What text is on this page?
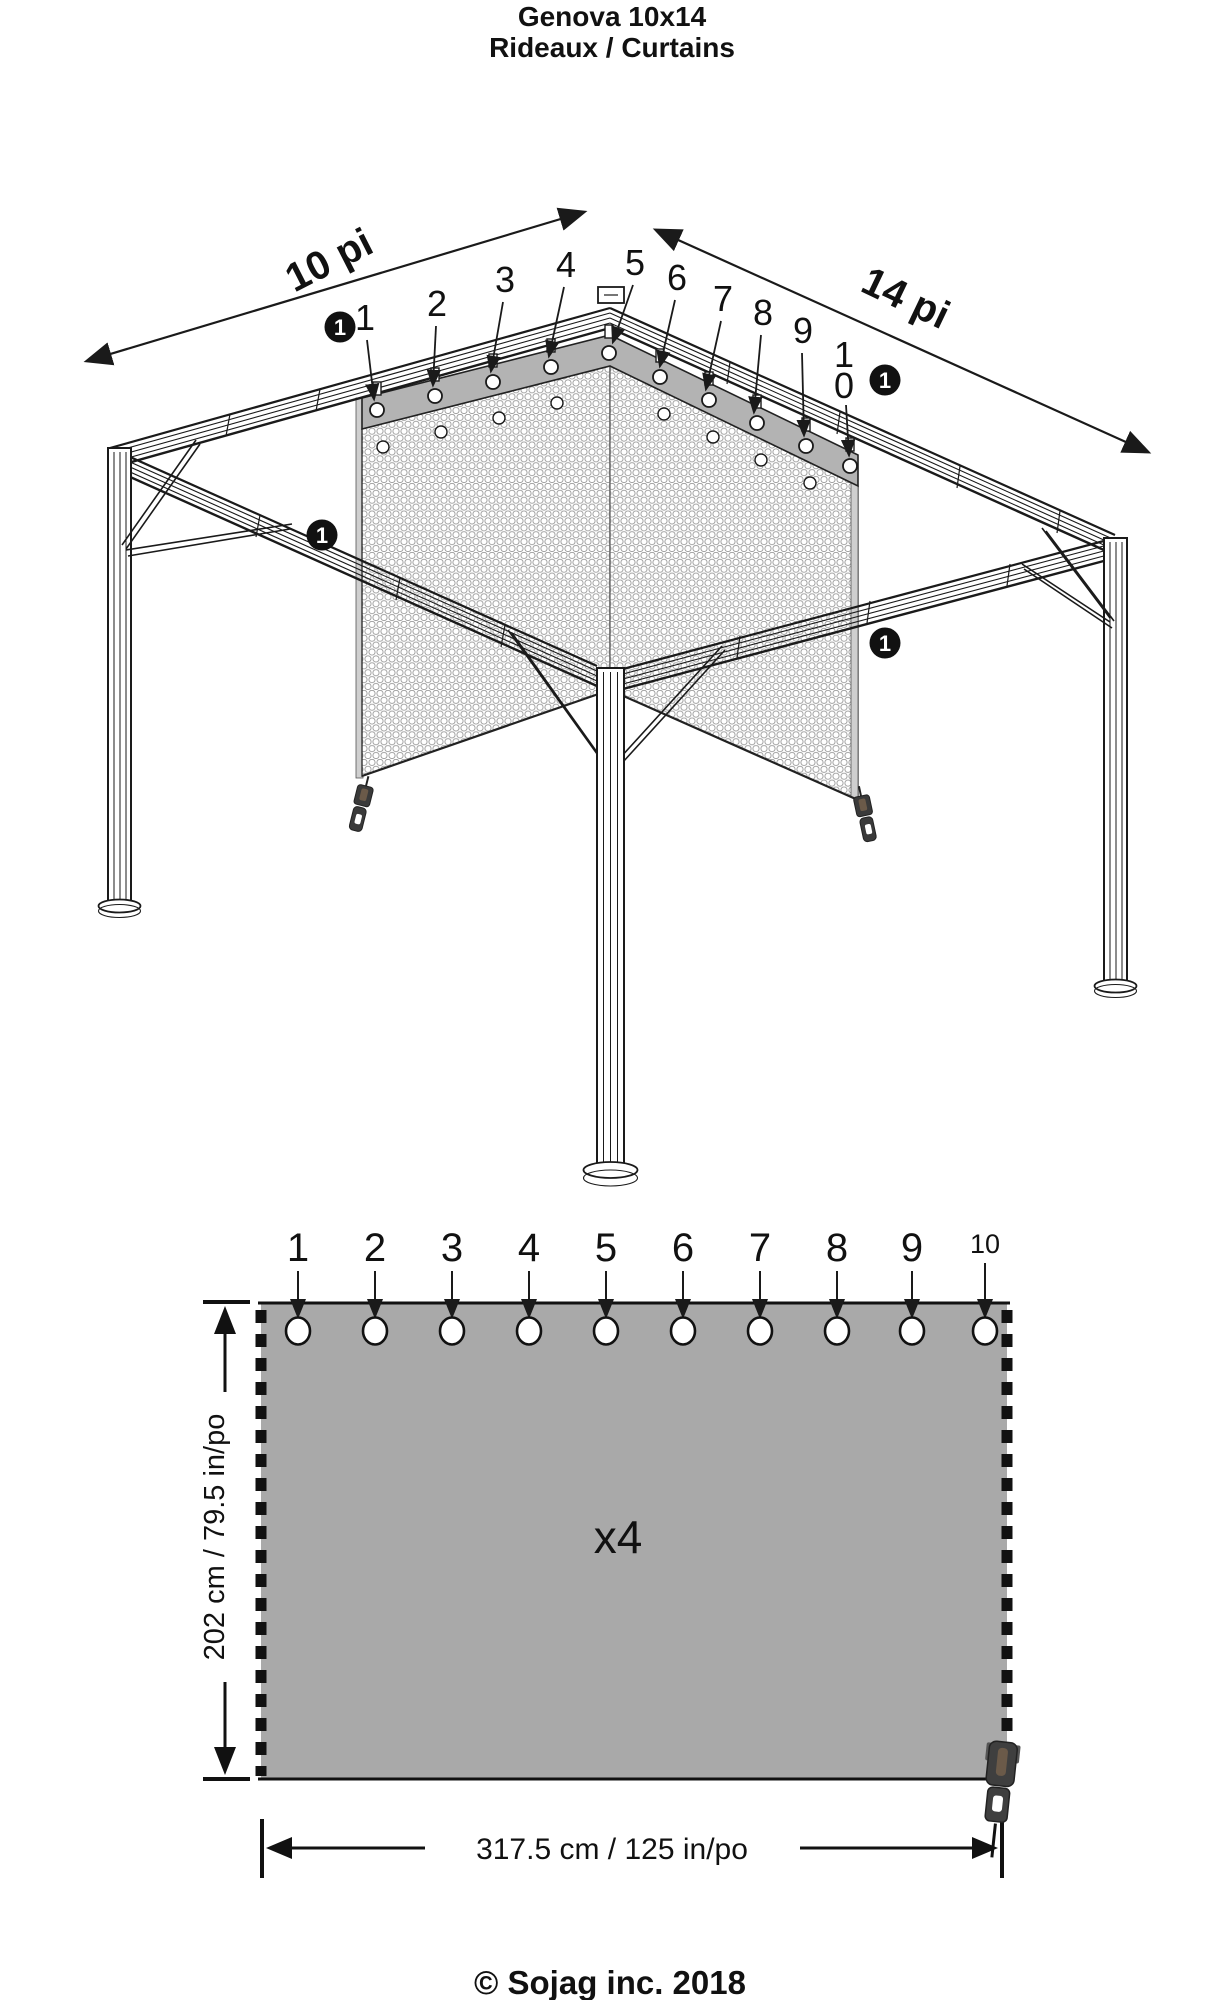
Genova 10x14
Rideaux / Curtains
10 pi	14 pi
1
1
1
1
1 2
3 4 5 6
7 8 9
1
0
1 2 3 4 5 6 7 8 9 10
x4
202 cm / 79.5 in/po
317.5 cm / 125 in/po
© Sojag inc. 2018
